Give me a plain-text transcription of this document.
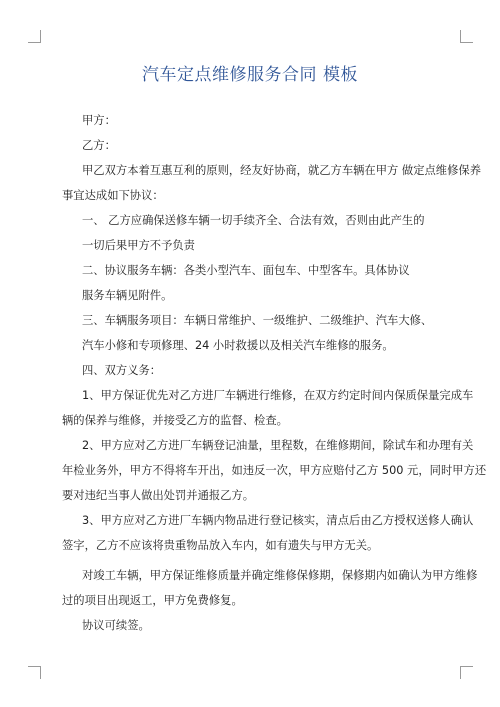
汽车定点维修服务合同 模板
甲方：
乙方：
甲乙双方本着互惠互利的原则，经友好协商，就乙方车辆在甲方 做定点维修保养
事宜达成如下协议：
一、 乙方应确保送修车辆一切手续齐全、合法有效，否则由此产生的
一切后果甲方不予负责
二、协议服务车辆：各类小型汽车、面包车、中型客车。具体协议
服务车辆见附件。
三、车辆服务项目：车辆日常维护、一级维护、二级维护、汽车大修、
汽车小修和专项修理、24 小时救援以及相关汽车维修的服务。
四、双方义务：
1、甲方保证优先对乙方进厂车辆进行维修，在双方约定时间内保质保量完成车
辆的保养与维修，并接受乙方的监督、检查。
2、甲方应对乙方进厂车辆登记油量，里程数，在维修期间，除试车和办理有关
年检业务外，甲方不得将车开出，如违反一次，甲方应赔付乙方 500 元，同时甲方还
要对违纪当事人做出处罚并通报乙方。
3、甲方应对乙方进厂车辆内物品进行登记核实，清点后由乙方授权送修人确认
签字，乙方不应该将贵重物品放入车内，如有遗失与甲方无关。
对竣工车辆，甲方保证维修质量并确定维修保修期，保修期内如确认为甲方维修
过的项目出现返工，甲方免费修复。
协议可续签。
